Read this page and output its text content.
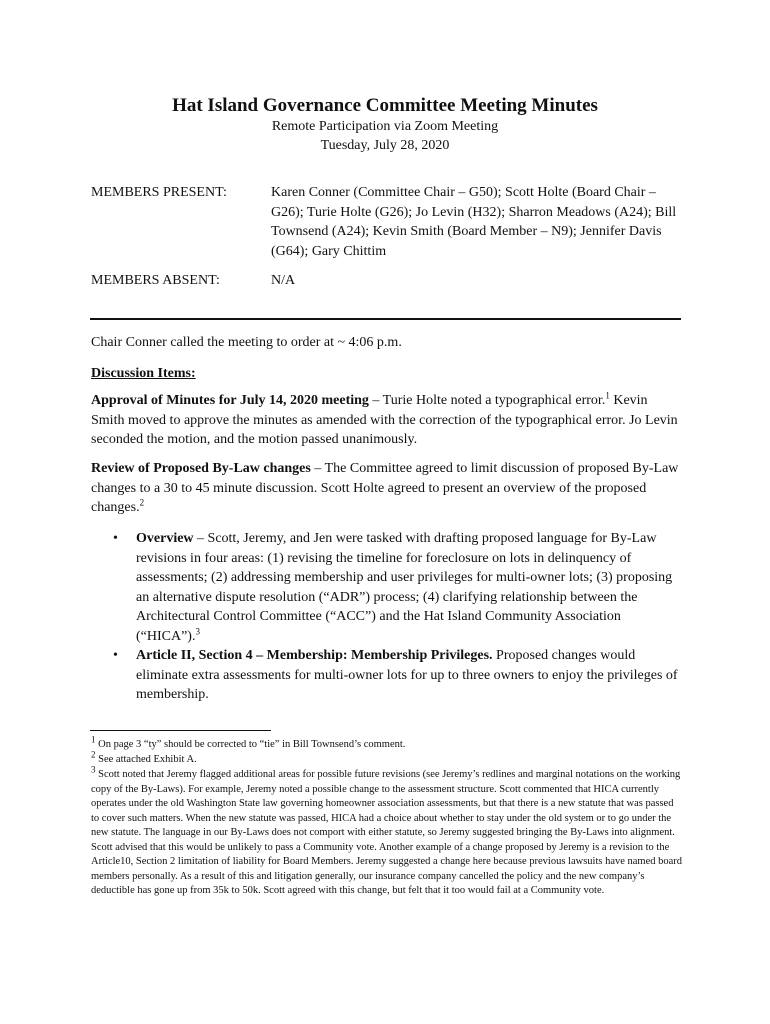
Hat Island Governance Committee Meeting Minutes
Remote Participation via Zoom Meeting
Tuesday, July 28, 2020
MEMBERS PRESENT:	Karen Conner (Committee Chair – G50); Scott Holte (Board Chair – G26); Turie Holte (G26); Jo Levin (H32); Sharron Meadows (A24); Bill Townsend (A24); Kevin Smith (Board Member – N9); Jennifer Davis (G64); Gary Chittim
MEMBERS ABSENT:	N/A
Chair Conner called the meeting to order at ~ 4:06 p.m.
Discussion Items:
Approval of Minutes for July 14, 2020 meeting – Turie Holte noted a typographical error.$^1$ Kevin Smith moved to approve the minutes as amended with the correction of the typographical error. Jo Levin seconded the motion, and the motion passed unanimously.
Review of Proposed By-Law changes – The Committee agreed to limit discussion of proposed By-Law changes to a 30 to 45 minute discussion. Scott Holte agreed to present an overview of the proposed changes.$^2$
• Overview – Scott, Jeremy, and Jen were tasked with drafting proposed language for By-Law revisions in four areas: (1) revising the timeline for foreclosure on lots in delinquency of assessments; (2) addressing membership and user privileges for multi-owner lots; (3) proposing an alternative dispute resolution (“ADR”) process; (4) clarifying relationship between the Architectural Control Committee (“ACC”) and the Hat Island Community Association (“HICA”).$^3$
• Article II, Section 4 – Membership: Membership Privileges. Proposed changes would eliminate extra assessments for multi-owner lots for up to three owners to enjoy the privileges of membership.
$^1$ On page 3 “ty” should be corrected to “tie” in Bill Townsend’s comment.
$^2$ See attached Exhibit A.
$^3$ Scott noted that Jeremy flagged additional areas for possible future revisions (see Jeremy’s redlines and marginal notations on the working copy of the By-Laws). For example, Jeremy noted a possible change to the assessment structure. Scott commented that HICA currently operates under the old Washington State law governing homeowner association assessments, but that there is a new statute that was passed to cover such matters. When the new statute was passed, HICA had a choice about whether to stay under the old system or to go under the new statute. The language in our By-Laws does not comport with either statute, so Jeremy suggested bringing the By-Laws into alignment. Scott advised that this would be unlikely to pass a Community vote. Another example of a change proposed by Jeremy is a revision to the Article10, Section 2 limitation of liability for Board Members. Jeremy suggested a change here because previous lawsuits have named board members personally. As a result of this and litigation generally, our insurance company cancelled the policy and the new company’s deductible has gone up from 35k to 50k. Scott agreed with this change, but felt that it too would fail at a Community vote.
